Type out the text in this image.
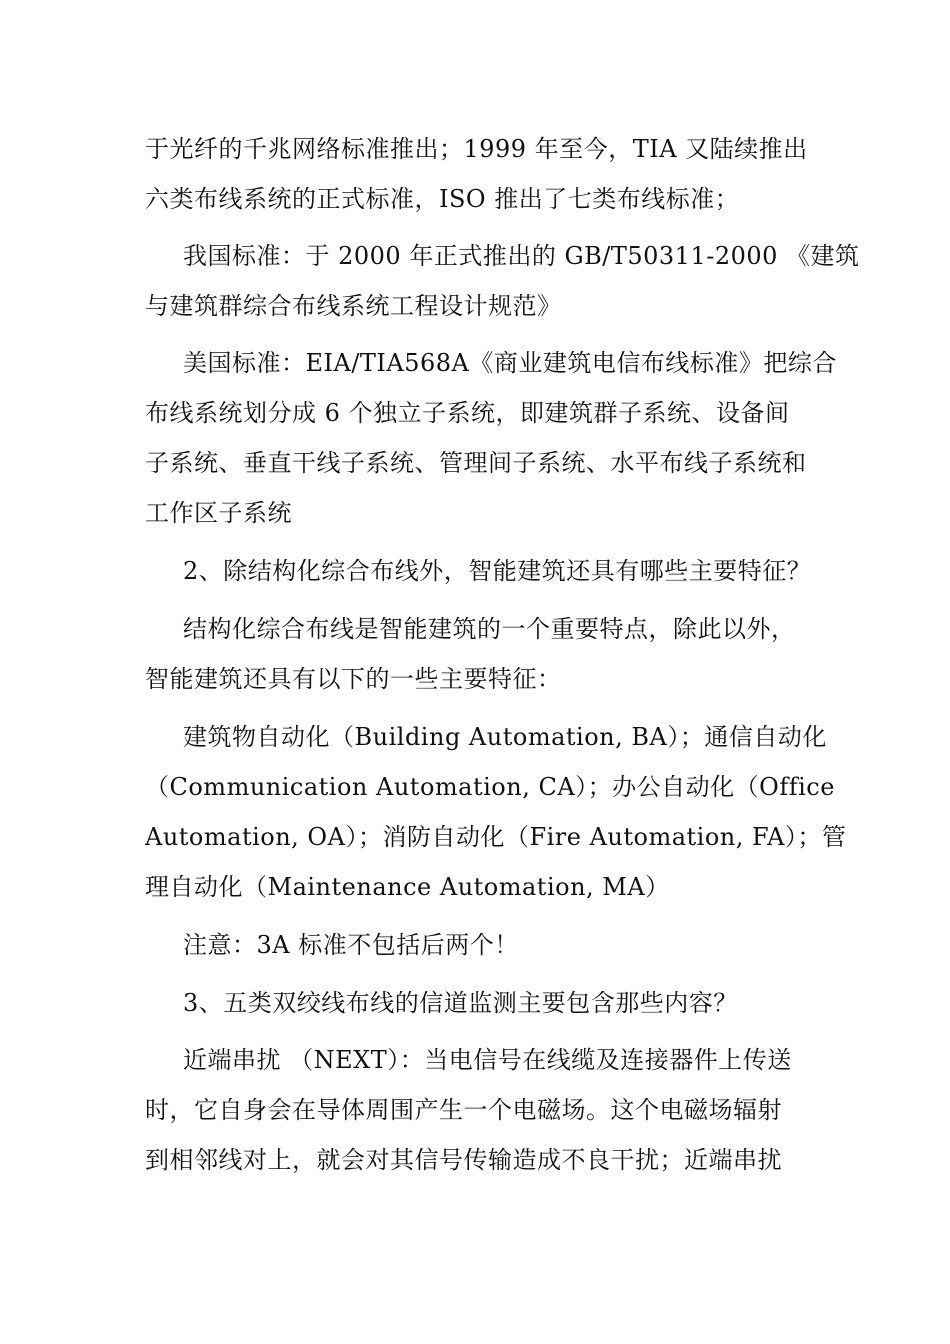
于光纤的千兆网络标准推出；1999 年至今，TIA 又陆续推出
六类布线系统的正式标准，ISO 推出了七类布线标准；
我国标准：于 2000 年正式推出的 GB/T50311-2000 《建筑
与建筑群综合布线系统工程设计规范》
美国标准：EIA/TIA568A《商业建筑电信布线标准》把综合
布线系统划分成 6 个独立子系统，即建筑群子系统、设备间
子系统、垂直干线子系统、管理间子系统、水平布线子系统和
工作区子系统
2、除结构化综合布线外，智能建筑还具有哪些主要特征？
结构化综合布线是智能建筑的一个重要特点，除此以外，
智能建筑还具有以下的一些主要特征：
建筑物自动化（Building Automation, BA）；通信自动化
（Communication Automation, CA）；办公自动化（Office
Automation, OA）；消防自动化（Fire Automation, FA）；管
理自动化（Maintenance Automation, MA）
注意：3A 标准不包括后两个！
3、五类双绞线布线的信道监测主要包含那些内容？
近端串扰 （NEXT）：当电信号在线缆及连接器件上传送
时，它自身会在导体周围产生一个电磁场。这个电磁场辐射
到相邻线对上，就会对其信号传输造成不良干扰；近端串扰
